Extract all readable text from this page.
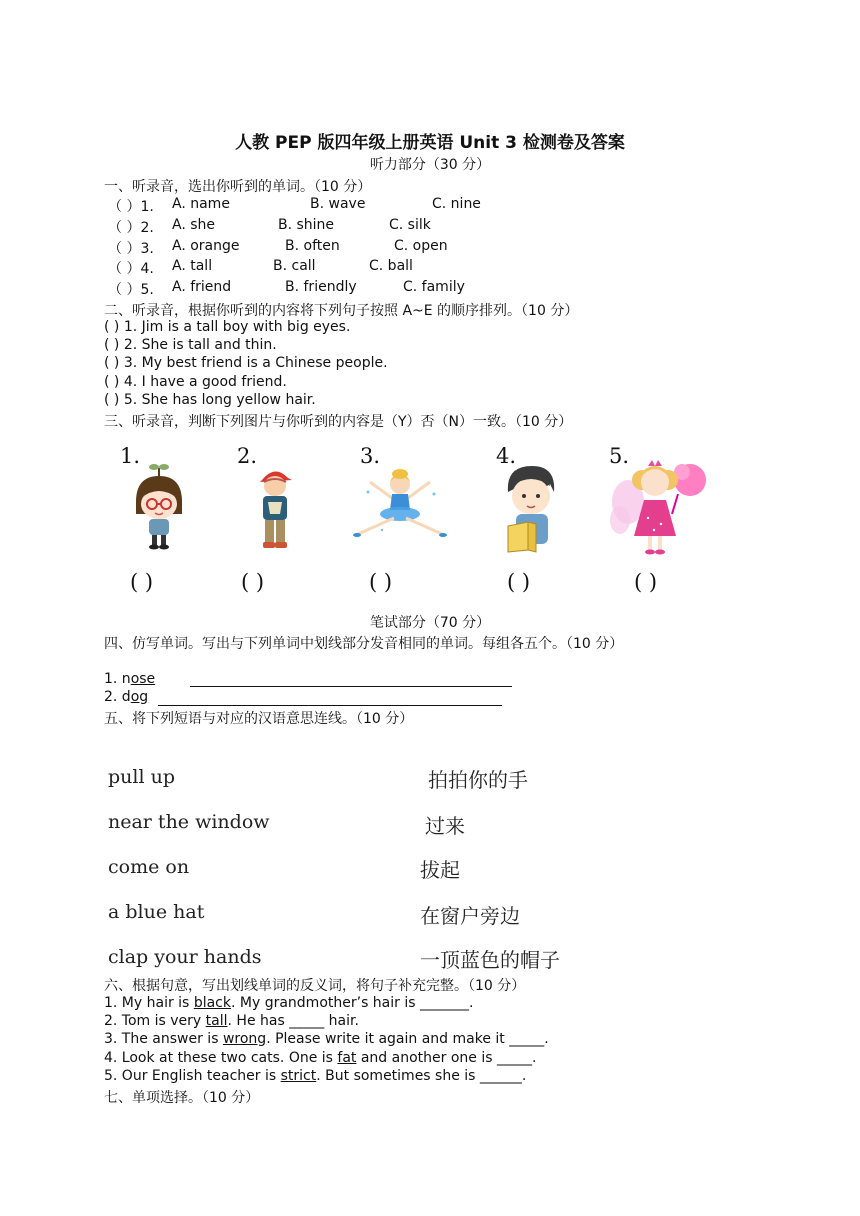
人教 PEP 版四年级上册英语 Unit 3 检测卷及答案
听力部分（30 分）
一、听录音，选出你听到的单词。（10 分）
（ ）1. A. name	B. wave	C. nine
（ ）2. A. she	B. shine	C. silk
（ ）3. A. orange	B. often	C. open
（ ）4. A. tall	B. call	C. ball
（ ）5. A. friend	B. friendly	C. family
二、听录音，根据你听到的内容将下列句子按照 A~E 的顺序排列。（10 分）
( ) 1. Jim is a tall boy with big eyes.
( ) 2. She is tall and thin.
( ) 3. My best friend is a Chinese people.
( ) 4. I have a good friend.
( ) 5. She has long yellow hair.
三、听录音，判断下列图片与你听到的内容是（Y）否（N）一致。（10 分）
1.	2.	3.	4.	5.
( )	( )	( )	( )	( )
笔试部分（70 分）
四、仿写单词。写出与下列单词中划线部分发音相同的单词。每组各五个。（10 分）
1. nose
2. dog
五、将下列短语与对应的汉语意思连线。（10 分）
pull up
near the window
come on
a blue hat
clap your hands
拍拍你的手
过来
拔起
在窗户旁边
一顶蓝色的帽子
六、根据句意，写出划线单词的反义词，将句子补充完整。（10 分）
1. My hair is black. My grandmother’s hair is _______.
2. Tom is very tall. He has _____ hair.
3. The answer is wrong. Please write it again and make it _____.
4. Look at these two cats. One is fat and another one is _____.
5. Our English teacher is strict. But sometimes she is ______.
七、单项选择。（10 分）
